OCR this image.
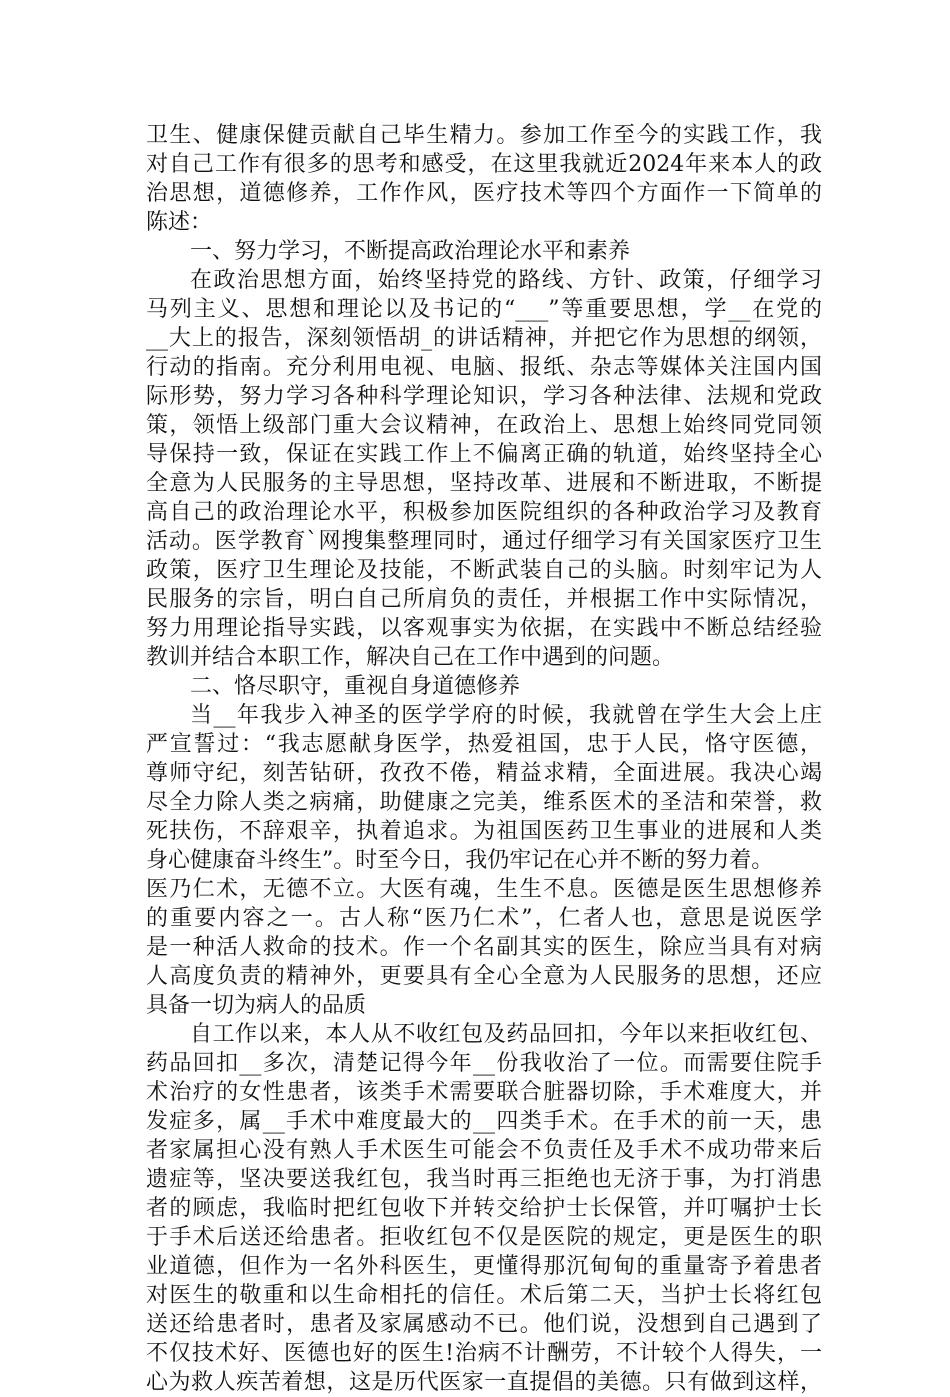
卫生、健康保健贡献自己毕生精力。参加工作至今的实践工作，我
对自己工作有很多的思考和感受，在这里我就近2024年来本人的政
治思想，道德修养，工作作风，医疗技术等四个方面作一下简单的
陈述：
一、努力学习，不断提高政治理论水平和素养
在政治思想方面，始终坚持党的路线、方针、政策，仔细学习
马列主义、思想和理论以及书记的“___”等重要思想，学__在党的
__大上的报告，深刻领悟胡_的讲话精神，并把它作为思想的纲领，
行动的指南。充分利用电视、电脑、报纸、杂志等媒体关注国内国
际形势，努力学习各种科学理论知识，学习各种法律、法规和党政
策，领悟上级部门重大会议精神，在政治上、思想上始终同党同领
导保持一致，保证在实践工作上不偏离正确的轨道，始终坚持全心
全意为人民服务的主导思想，坚持改革、进展和不断进取，不断提
高自己的政治理论水平，积极参加医院组织的各种政治学习及教育
活动。医学教育`网搜集整理同时，通过仔细学习有关国家医疗卫生
政策，医疗卫生理论及技能，不断武装自己的头脑。时刻牢记为人
民服务的宗旨，明白自己所肩负的责任，并根据工作中实际情况，
努力用理论指导实践，以客观事实为依据，在实践中不断总结经验
教训并结合本职工作，解决自己在工作中遇到的问题。
二、恪尽职守，重视自身道德修养
当__年我步入神圣的医学学府的时候，我就曾在学生大会上庄
严宣誓过：“我志愿献身医学，热爱祖国，忠于人民，恪守医德，
尊师守纪，刻苦钻研，孜孜不倦，精益求精，全面进展。我决心竭
尽全力除人类之病痛，助健康之完美，维系医术的圣洁和荣誉，救
死扶伤，不辞艰辛，执着追求。为祖国医药卫生事业的进展和人类
身心健康奋斗终生”。时至今日，我仍牢记在心并不断的努力着。
医乃仁术，无德不立。大医有魂，生生不息。医德是医生思想修养
的重要内容之一。古人称“医乃仁术”，仁者人也，意思是说医学
是一种活人救命的技术。作一个名副其实的医生，除应当具有对病
人高度负责的精神外，更要具有全心全意为人民服务的思想，还应
具备一切为病人的品质
自工作以来，本人从不收红包及药品回扣，今年以来拒收红包、
药品回扣__多次，清楚记得今年__份我收治了一位。而需要住院手
术治疗的女性患者，该类手术需要联合脏器切除，手术难度大，并
发症多，属__手术中难度最大的__四类手术。在手术的前一天，患
者家属担心没有熟人手术医生可能会不负责任及手术不成功带来后
遗症等，坚决要送我红包，我当时再三拒绝也无济于事，为打消患
者的顾虑，我临时把红包收下并转交给护士长保管，并叮嘱护士长
于手术后送还给患者。拒收红包不仅是医院的规定，更是医生的职
业道德，但作为一名外科医生，更懂得那沉甸甸的重量寄予着患者
对医生的敬重和以生命相托的信任。术后第二天，当护士长将红包
送还给患者时，患者及家属感动不已。他们说，没想到自己遇到了
不仅技术好、医德也好的医生!治病不计酬劳，不计较个人得失，一
心为救人疾苦着想，这是历代医家一直提倡的美德。只有做到这样，
